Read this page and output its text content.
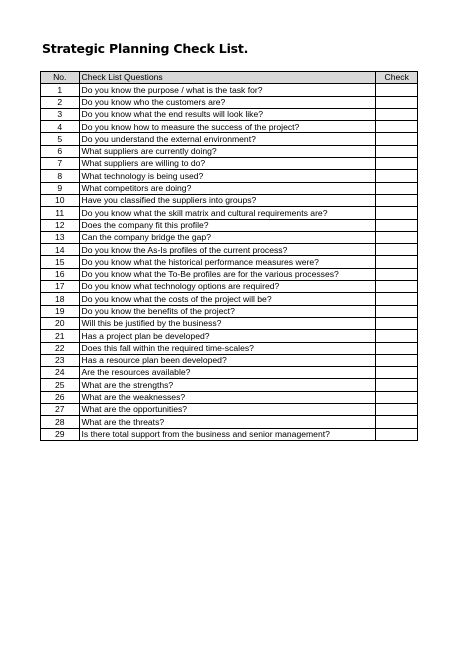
Strategic Planning Check List.
No.	Check List Questions	Check
1	Do you know the purpose / what is the task for?	
2	Do you know who the customers are?	
3	Do you know what the end results will look like?	
4	Do you know how to measure the success of the project?	
5	Do you understand the external environment?	
6	What suppliers are currently doing?	
7	What suppliers are willing to do?	
8	What technology is being used?	
9	What competitors are doing?	
10	Have you classified the suppliers into groups?	
11	Do you know what the skill matrix and cultural requirements are?	
12	Does the company fit this profile?	
13	Can the company bridge the gap?	
14	Do you know the As-Is profiles of the current process?	
15	Do you know what the historical performance measures were?	
16	Do you know what the To-Be profiles are for the various processes?	
17	Do you know what technology options are required?	
18	Do you know what the costs of the project will be?	
19	Do you know the benefits of the project?	
20	Will this be justified by the business?	
21	Has a project plan be developed?	
22	Does this fall within the required time-scales?	
23	Has a resource plan been developed?	
24	Are the resources available?	
25	What are the strengths?	
26	What are the weaknesses?	
27	What are the opportunities?	
28	What are the threats?	
29	Is there total support from the business and senior management?	
